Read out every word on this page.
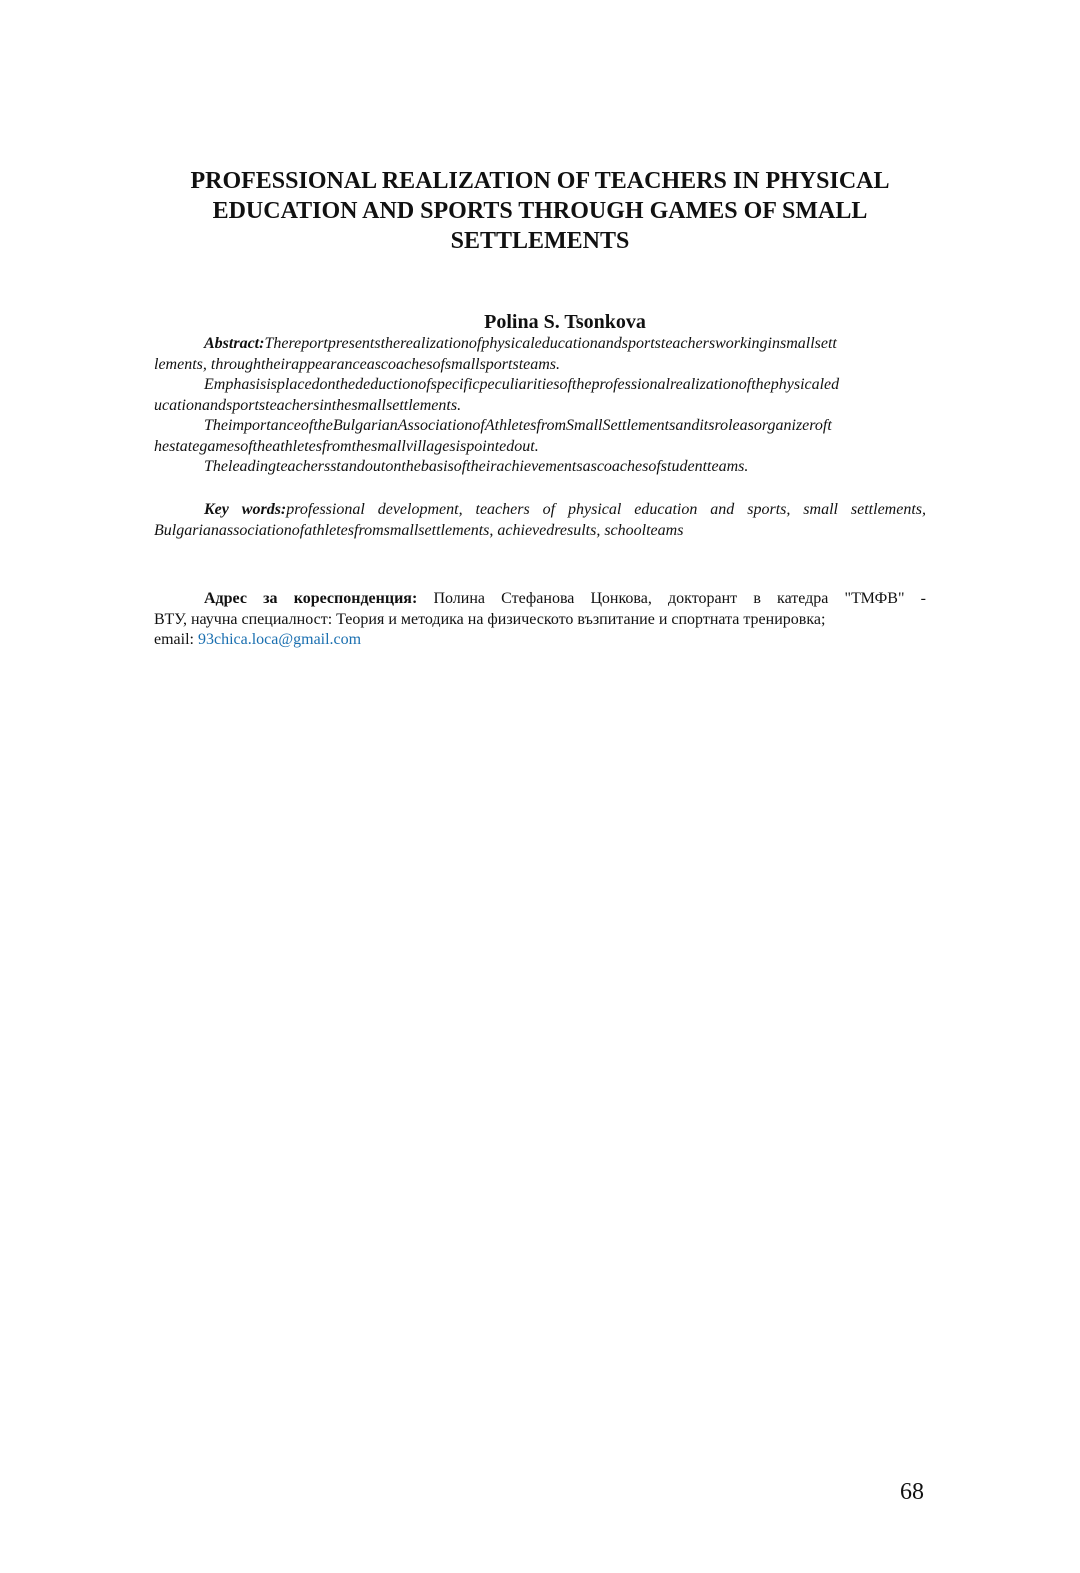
PROFESSIONAL REALIZATION OF TEACHERS IN PHYSICAL
EDUCATION AND SPORTS THROUGH GAMES OF SMALL
SETTLEMENTS
Polina S. Tsonkova
Abstract:Thereportpresentstherealizationofphysicaleducationandsportsteachersworkinginsmallsett
lements, throughtheirappearanceascoachesofsmallsportsteams.
Emphasisisplacedonthedeductionofspecificpeculiaritiesoftheprofessionalrealizationofthephysicaled
ucationandsportsteachersinthesmallsettlements.
TheimportanceoftheBulgarianAssociationofAthletesfromSmallSettlementsanditsroleasorganizeroft
hestategamesoftheathletesfromthesmallvillagesispointedout.
Theleadingteachersstandoutonthebasisoftheirachievementsascoachesofstudentteams.
Key words:professional development, teachers of physical education and sports, small settlements,
Bulgarianassociationofathletesfromsmallsettlements, achievedresults, schoolteams
Адрес за кореспонденция: Полина Стефанова Цонкова, докторант в катедра "ТМФВ" -
ВТУ, научна специалност: Теория и методика на физическото възпитание и спортната тренировка;
email: 93chica.loca@gmail.com
68
